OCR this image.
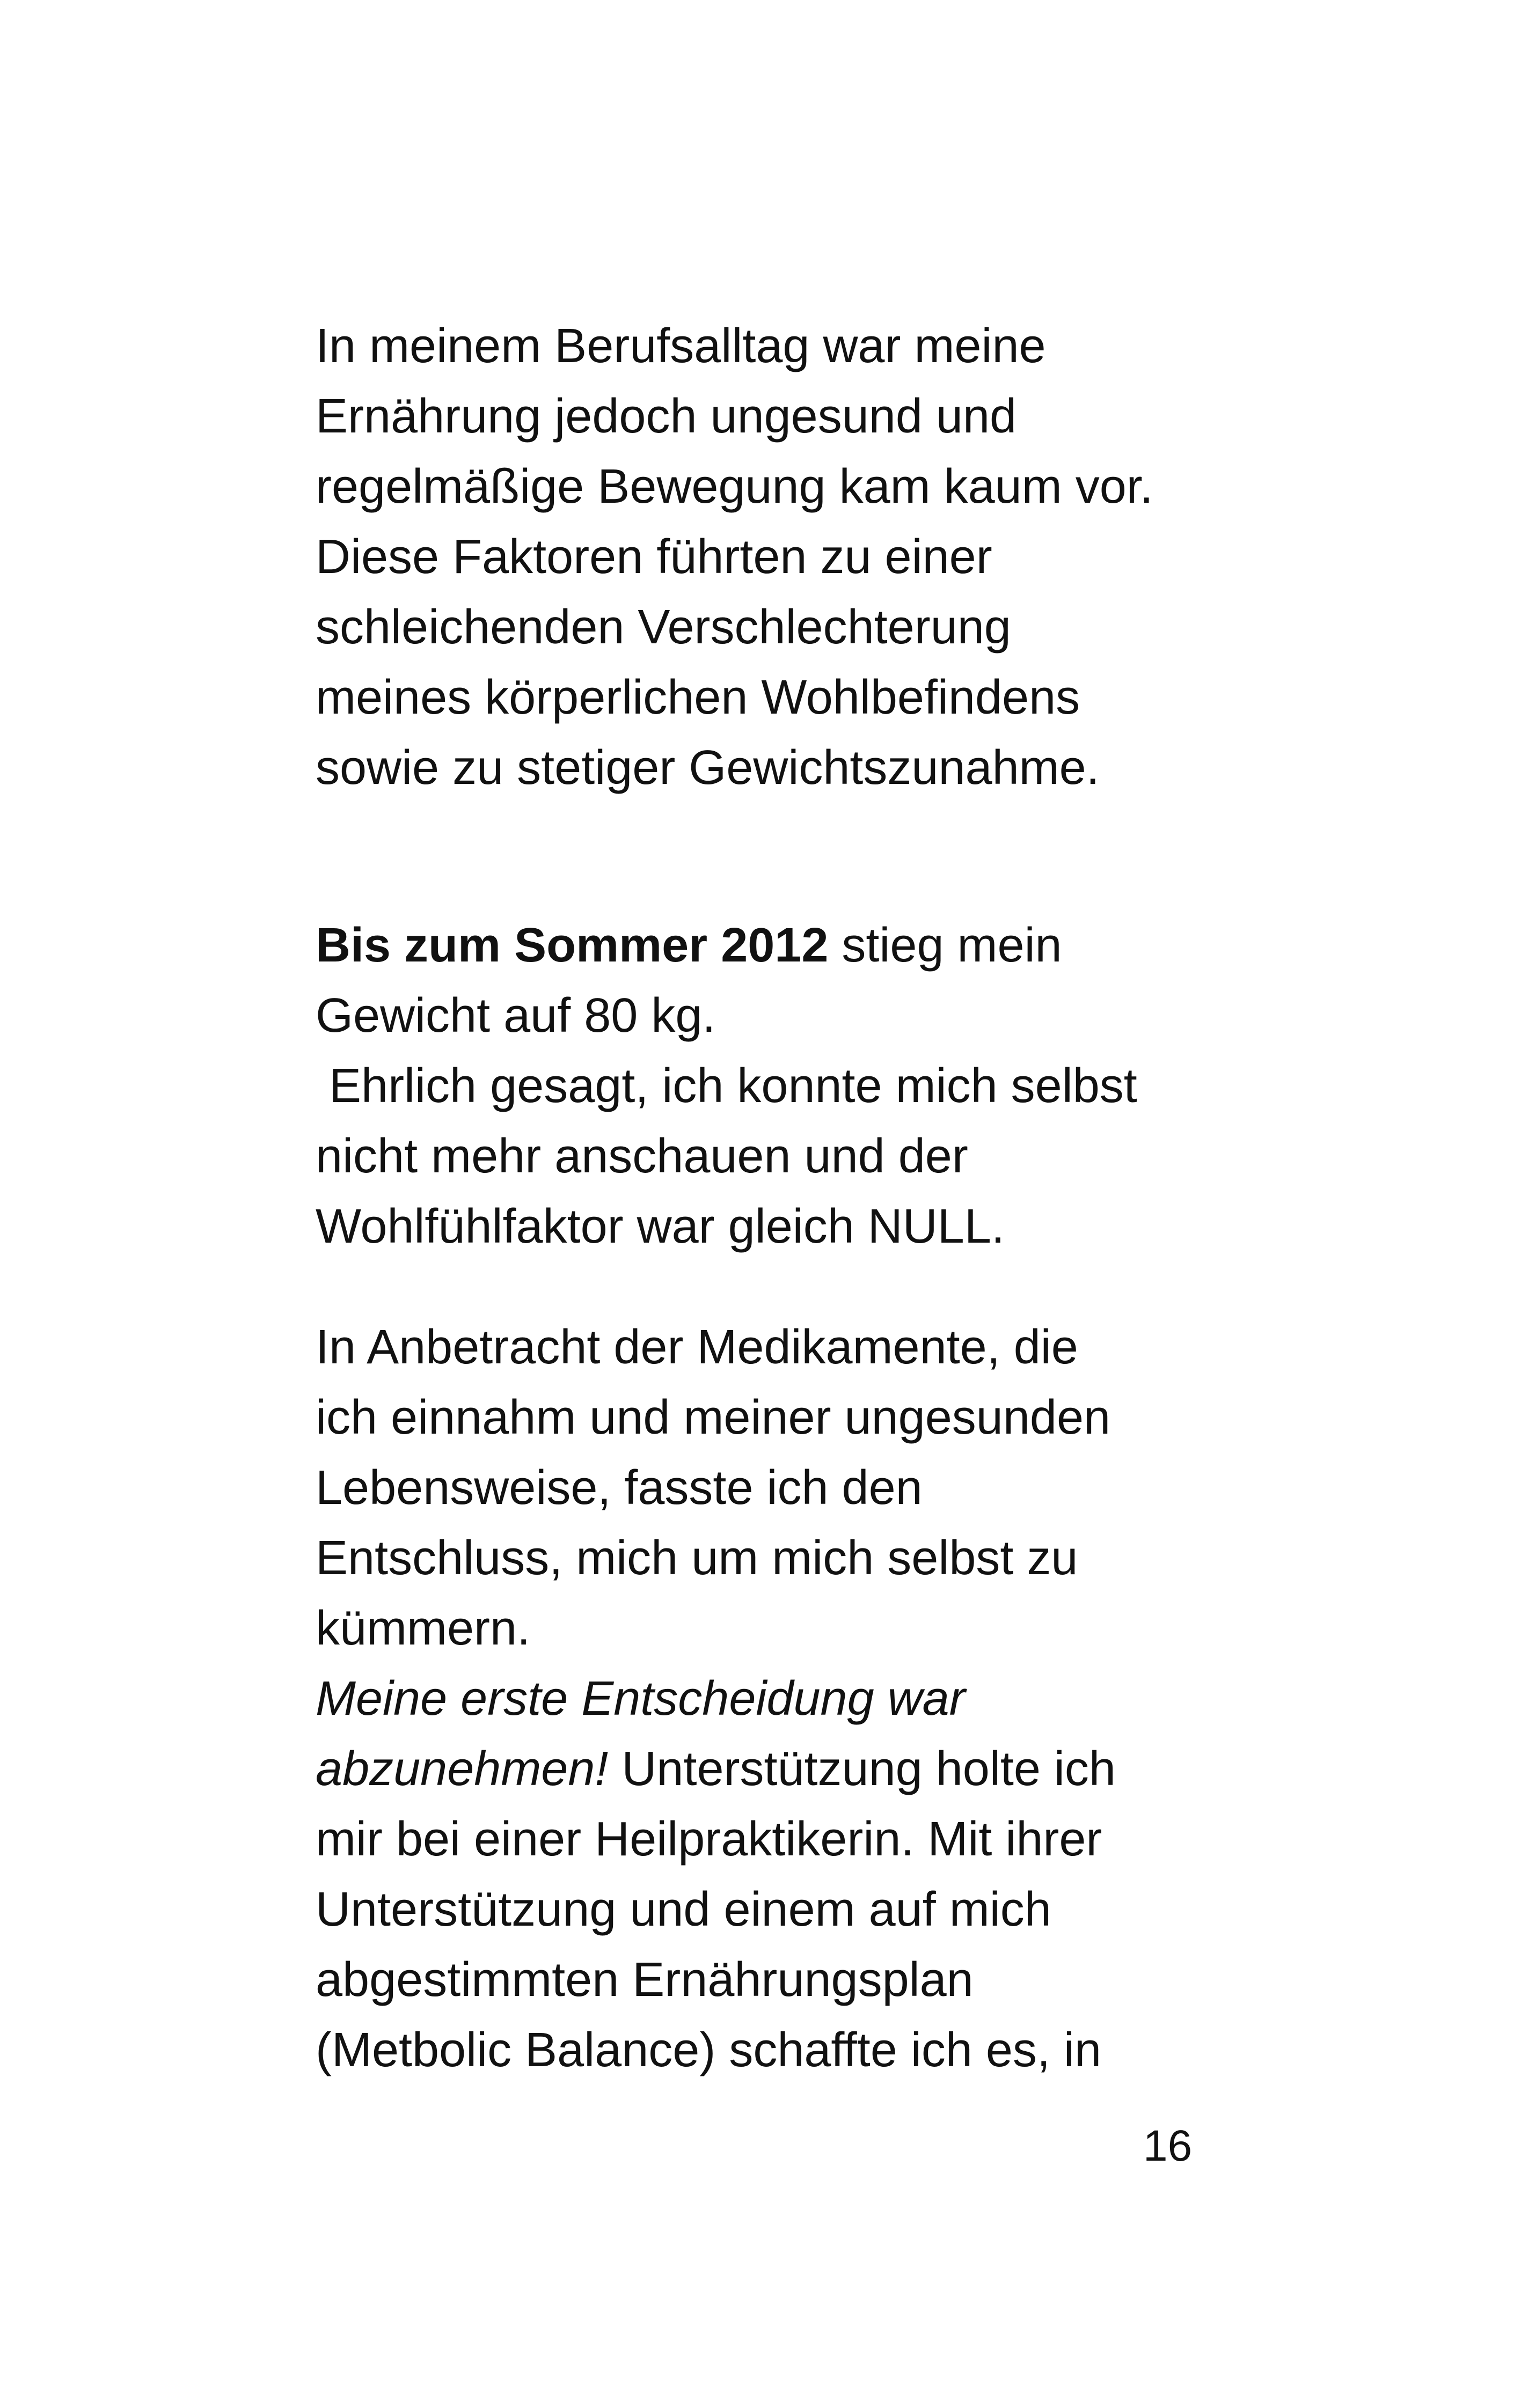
In meinem Berufsalltag war meine
Ernährung jedoch ungesund und
regelmäßige Bewegung kam kaum vor.
Diese Faktoren führten zu einer
schleichenden Verschlechterung
meines körperlichen Wohlbefindens
sowie zu stetiger Gewichtszunahme.
Bis zum Sommer 2012 stieg mein
Gewicht auf 80 kg.
Ehrlich gesagt, ich konnte mich selbst
nicht mehr anschauen und der
Wohlfühlfaktor war gleich NULL.
In Anbetracht der Medikamente, die
ich einnahm und meiner ungesunden
Lebensweise, fasste ich den
Entschluss, mich um mich selbst zu
kümmern.
Meine erste Entscheidung war
abzunehmen! Unterstützung holte ich
mir bei einer Heilpraktikerin. Mit ihrer
Unterstützung und einem auf mich
abgestimmten Ernährungsplan
(Metbolic Balance) schaffte ich es, in
16
